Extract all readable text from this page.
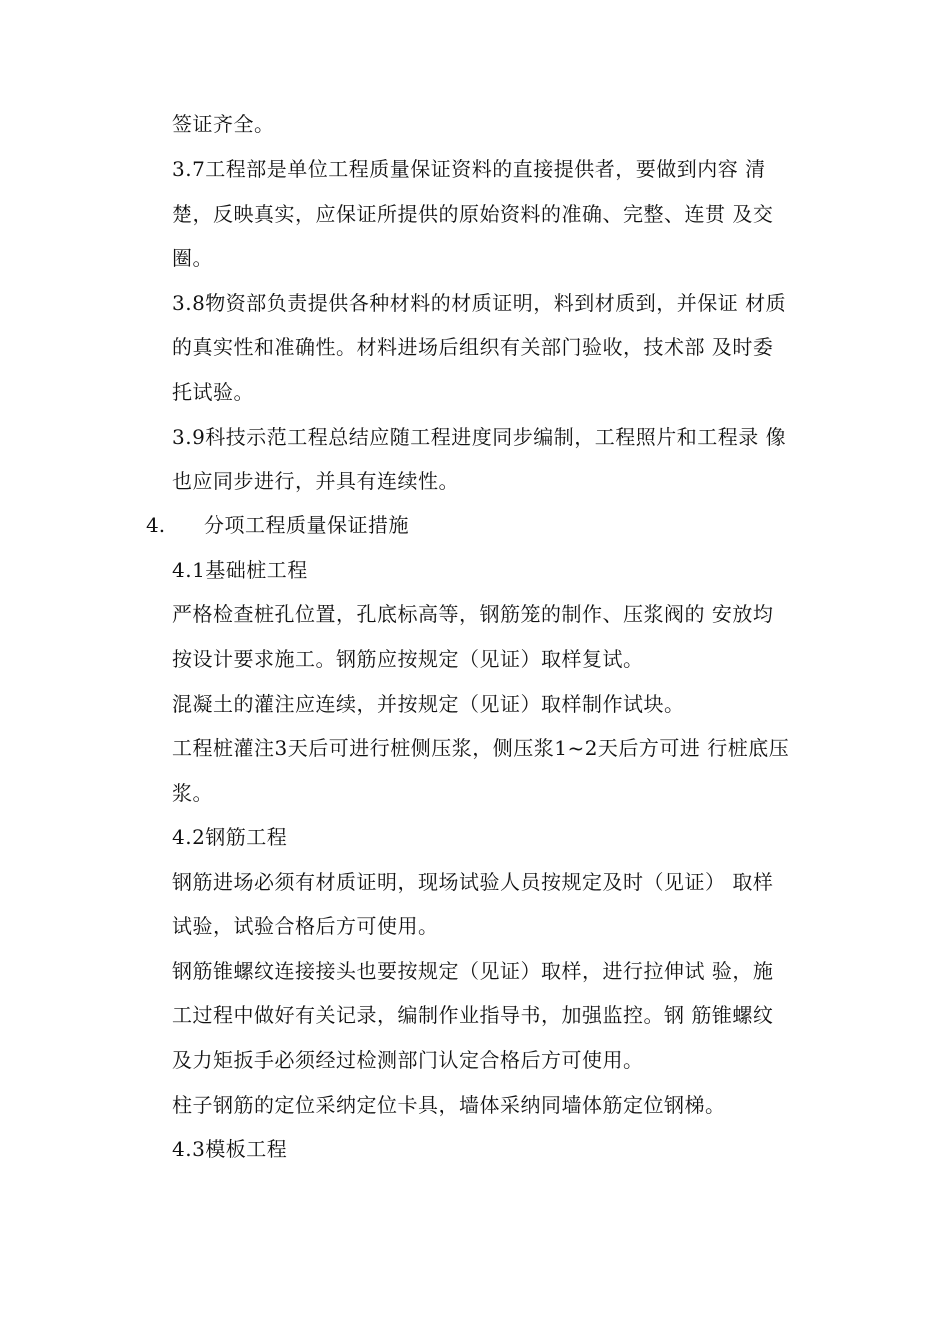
签证齐全。
3.7工程部是单位工程质量保证资料的直接提供者，要做到内容 清
楚，反映真实，应保证所提供的原始资料的准确、完整、连贯 及交
圈。
3.8物资部负责提供各种材料的材质证明，料到材质到，并保证 材质
的真实性和准确性。材料进场后组织有关部门验收，技术部 及时委
托试验。
3.9科技示范工程总结应随工程进度同步编制，工程照片和工程录 像
也应同步进行，并具有连续性。
4. 分项工程质量保证措施
4.1基础桩工程
严格检查桩孔位置，孔底标高等，钢筋笼的制作、压浆阀的 安放均
按设计要求施工。钢筋应按规定（见证）取样复试。
混凝土的灌注应连续，并按规定（见证）取样制作试块。
工程桩灌注3天后可进行桩侧压浆，侧压浆1~2天后方可进 行桩底压
浆。
4.2钢筋工程
钢筋进场必须有材质证明，现场试验人员按规定及时（见证） 取样
试验，试验合格后方可使用。
钢筋锥螺纹连接接头也要按规定（见证）取样，进行拉伸试 验，施
工过程中做好有关记录，编制作业指导书，加强监控。钢 筋锥螺纹
及力矩扳手必须经过检测部门认定合格后方可使用。
柱子钢筋的定位采纳定位卡具，墙体采纳同墙体筋定位钢梯。
4.3模板工程
